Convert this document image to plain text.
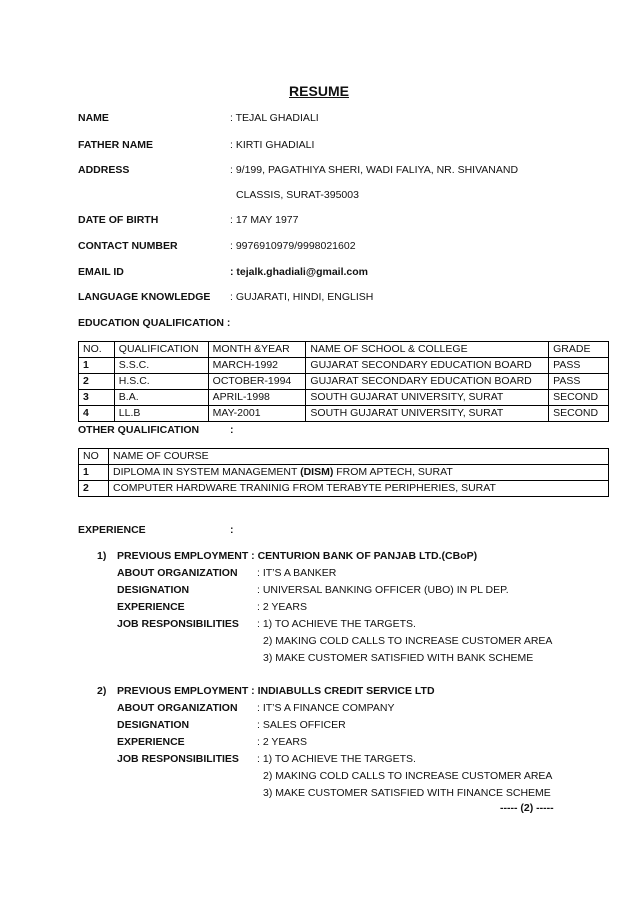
RESUME
NAME	: TEJAL GHADIALI
FATHER NAME	: KIRTI GHADIALI
ADDRESS	: 9/199, PAGATHIYA SHERI, WADI FALIYA, NR. SHIVANAND
CLASSIS, SURAT-395003
DATE OF BIRTH	: 17 MAY 1977
CONTACT NUMBER	: 9976910979/9998021602
EMAIL ID	: tejalk.ghadiali@gmail.com
LANGUAGE KNOWLEDGE : GUJARATI, HINDI, ENGLISH
EDUCATION QUALIFICATION :
NO.	QUALIFICATION	MONTH &YEAR	NAME OF SCHOOL & COLLEGE	GRADE
1	S.S.C.	MARCH-1992	GUJARAT SECONDARY EDUCATION BOARD	PASS
2	H.S.C.	OCTOBER-1994	GUJARAT SECONDARY EDUCATION BOARD	PASS
3	B.A.	APRIL-1998	SOUTH GUJARAT UNIVERSITY, SURAT	SECOND
4	LL.B	MAY-2001	SOUTH GUJARAT UNIVERSITY, SURAT	SECOND
OTHER QUALIFICATION	:
NO	NAME OF COURSE
1	DIPLOMA IN SYSTEM MANAGEMENT (DISM) FROM APTECH, SURAT
2	COMPUTER HARDWARE TRANINIG FROM TERABYTE PERIPHERIES, SURAT
EXPERIENCE	:
1) PREVIOUS EMPLOYMENT : CENTURION BANK OF PANJAB LTD.(CBoP)
ABOUT ORGANIZATION : IT’S A BANKER
DESIGNATION	: UNIVERSAL BANKING OFFICER (UBO) IN PL DEP.
EXPERIENCE	: 2 YEARS
JOB RESPONSIBILITIES : 1) TO ACHIEVE THE TARGETS.
2) MAKING COLD CALLS TO INCREASE CUSTOMER AREA
3) MAKE CUSTOMER SATISFIED WITH BANK SCHEME
2) PREVIOUS EMPLOYMENT : INDIABULLS CREDIT SERVICE LTD
ABOUT ORGANIZATION : IT’S A FINANCE COMPANY
DESIGNATION	: SALES OFFICER
EXPERIENCE	: 2 YEARS
JOB RESPONSIBILITIES : 1) TO ACHIEVE THE TARGETS.
2) MAKING COLD CALLS TO INCREASE CUSTOMER AREA
3) MAKE CUSTOMER SATISFIED WITH FINANCE SCHEME
----- (2) -----
